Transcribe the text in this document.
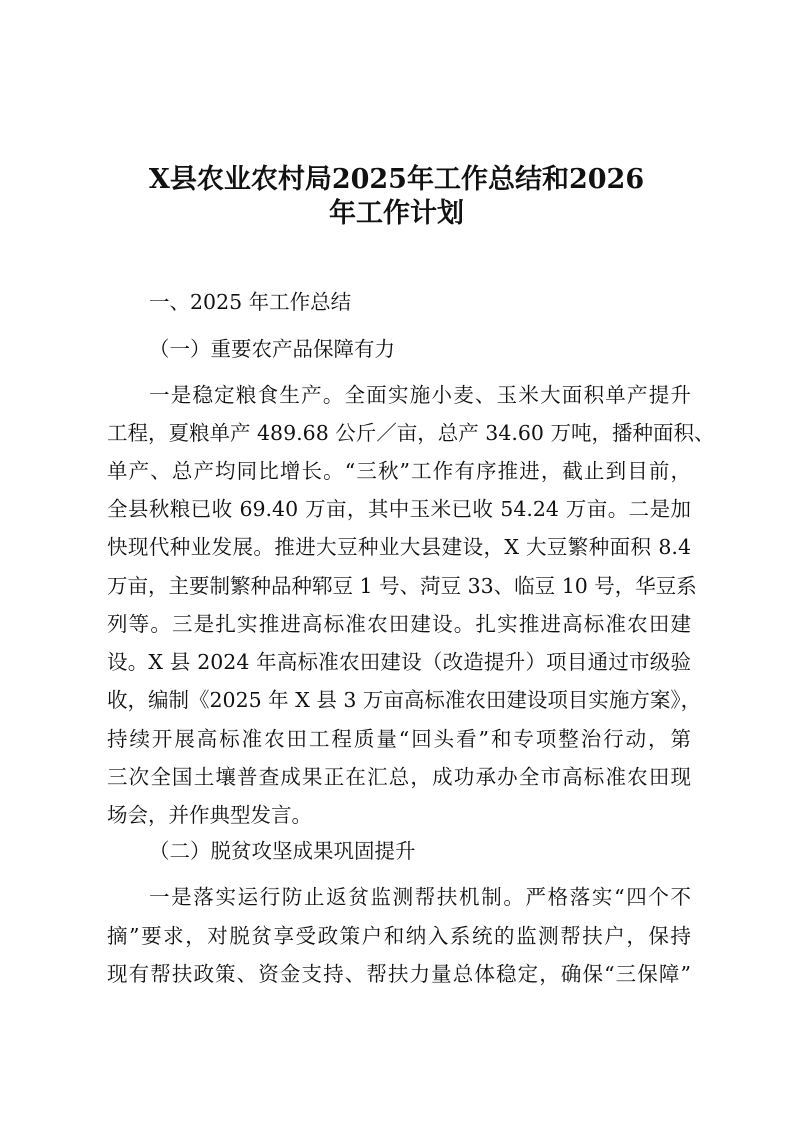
X县农业农村局2025年工作总结和2026
年工作计划
一、2025 年工作总结
（一）重要农产品保障有力
一是稳定粮食生产。全面实施小麦、玉米大面积单产提升
工程，夏粮单产 489.68 公斤／亩，总产 34.60 万吨，播种面积、
单产、总产均同比增长。“三秋”工作有序推进，截止到目前，
全县秋粮已收 69.40 万亩，其中玉米已收 54.24 万亩。二是加
快现代种业发展。推进大豆种业大县建设，X 大豆繁种面积 8.4
万亩，主要制繁种品种郓豆 1 号、菏豆 33、临豆 10 号，华豆系
列等。三是扎实推进高标准农田建设。扎实推进高标准农田建
设。X 县 2024 年高标准农田建设（改造提升）项目通过市级验
收，编制《2025 年 X 县 3 万亩高标准农田建设项目实施方案》，
持续开展高标准农田工程质量“回头看”和专项整治行动，第
三次全国土壤普查成果正在汇总，成功承办全市高标准农田现
场会，并作典型发言。
（二）脱贫攻坚成果巩固提升
一是落实运行防止返贫监测帮扶机制。严格落实“四个不
摘”要求，对脱贫享受政策户和纳入系统的监测帮扶户，保持
现有帮扶政策、资金支持、帮扶力量总体稳定，确保“三保障”
